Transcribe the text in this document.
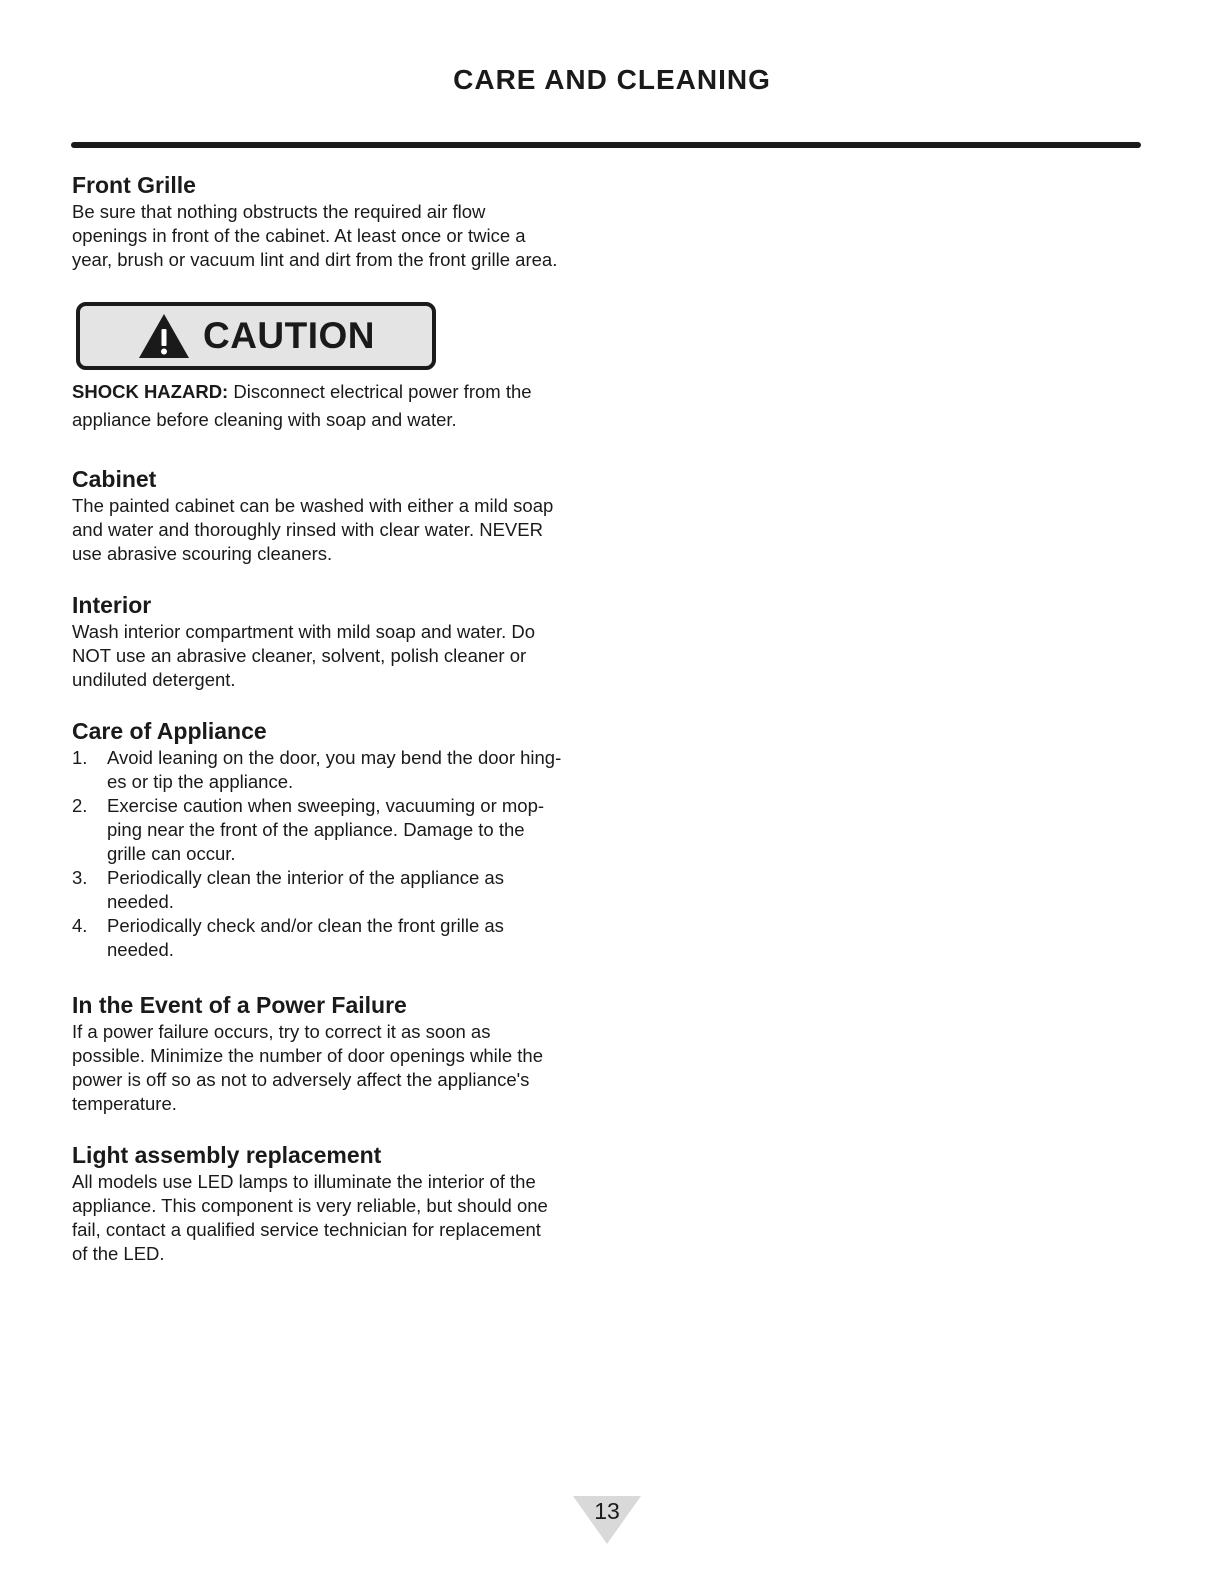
CARE AND CLEANING
Front Grille

Be sure that nothing obstructs the required air flow
openings in front of the cabinet. At least once or twice a
year, brush or vacuum lint and dirt from the front grille area.

CAUTION

SHOCK HAZARD: Disconnect electrical power from the
appliance before cleaning with soap and water.

Cabinet

The painted cabinet can be washed with either a mild soap
and water and thoroughly rinsed with clear water. NEVER
use abrasive scouring cleaners.

Interior

Wash interior compartment with mild soap and water. Do
NOT use an abrasive cleaner, solvent, polish cleaner or
undiluted detergent.

Care of Appliance
1. Avoid leaning on the door, you may bend the door hing-
es or tip the appliance.
2. Exercise caution when sweeping, vacuuming or mop-
ping near the front of the appliance. Damage to the
grille can occur.
3. Periodically clean the interior of the appliance as
needed.
4. Periodically check and/or clean the front grille as
needed.
In the Event of a Power Failure

If a power failure occurs, try to correct it as soon as
possible. Minimize the number of door openings while the
power is off so as not to adversely affect the appliance's
temperature.

Light assembly replacement

All models use LED lamps to illuminate the interior of the
appliance. This component is very reliable, but should one
fail, contact a qualified service technician for replacement
of the LED.

13
